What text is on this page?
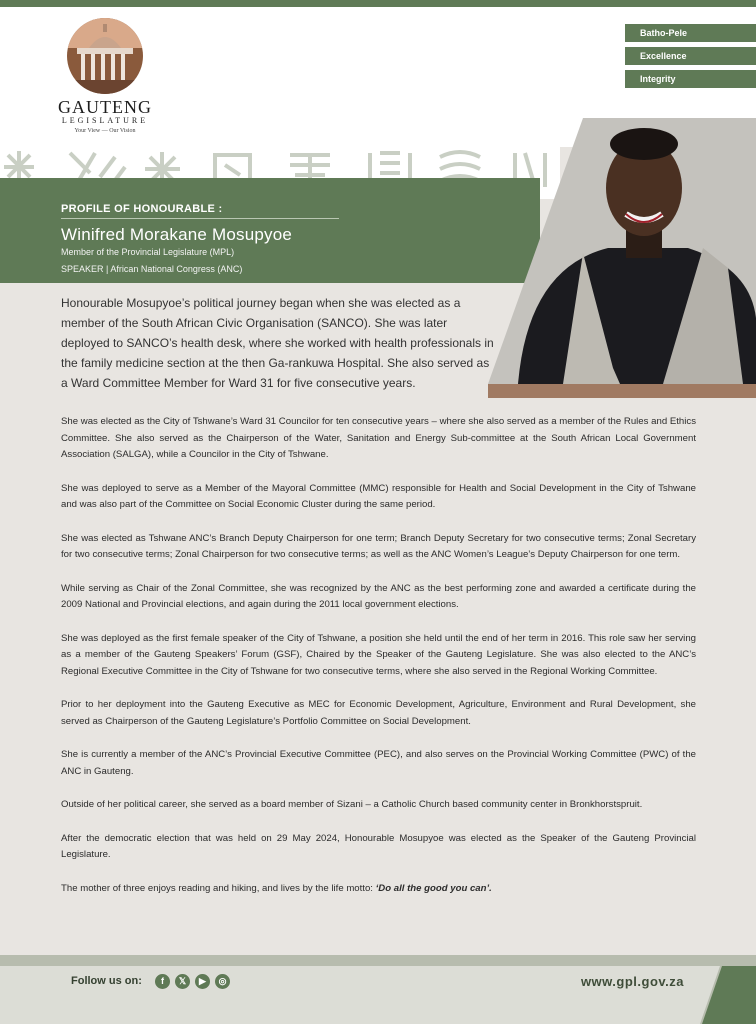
GAUTENG
LEGISLATURE
Your View — Our Vision
Batho-Pele
Excellence
Integrity
PROFILE OF HONOURABLE :
Winifred Morakane Mosupyoe
Member of the Provincial Legislature (MPL)
SPEAKER | African National Congress (ANC)
Honourable Mosupyoe’s political journey began when she was elected as a member of the South African Civic Organisation (SANCO). She was later deployed to SANCO’s health desk, where she worked with health professionals in the family medicine section at the then Ga-rankuwa Hospital. She also served as a Ward Committee Member for Ward 31 for five consecutive years.

She was elected as the City of Tshwane’s Ward 31 Councilor for ten consecutive years – where she also served as a member of the Rules and Ethics Committee. She also served as the Chairperson of the Water, Sanitation and Energy Sub-committee at the South African Local Government Association (SALGA), while a Councilor in the City of Tshwane.

She was deployed to serve as a Member of the Mayoral Committee (MMC) responsible for Health and Social Development in the City of Tshwane and was also part of the Committee on Social Economic Cluster during the same period.

She was elected as Tshwane ANC’s Branch Deputy Chairperson for one term; Branch Deputy Secretary for two consecutive terms; Zonal Secretary for two consecutive terms; Zonal Chairperson for two consecutive terms; as well as the ANC Women’s League’s Deputy Chairperson for one term.

While serving as Chair of the Zonal Committee, she was recognized by the ANC as the best performing zone and awarded a certificate during the 2009 National and Provincial elections, and again during the 2011 local government elections.

She was deployed as the first female speaker of the City of Tshwane, a position she held until the end of her term in 2016. This role saw her serving as a member of the Gauteng Speakers’ Forum (GSF), Chaired by the Speaker of the Gauteng Legislature. She was also elected to the ANC’s Regional Executive Committee in the City of Tshwane for two consecutive terms, where she also served in the Regional Working Committee.

Prior to her deployment into the Gauteng Executive as MEC for Economic Development, Agriculture, Environment and Rural Development, she served as Chairperson of the Gauteng Legislature’s Portfolio Committee on Social Development.

She is currently a member of the ANC’s Provincial Executive Committee (PEC), and also serves on the Provincial Working Committee (PWC) of the ANC in Gauteng.

Outside of her political career, she served as a board member of Sizani – a Catholic Church based community center in Bronkhorstspruit.

After the democratic election that was held on 29 May 2024, Honourable Mosupyoe was elected as the Speaker of the Gauteng Provincial Legislature.

The mother of three enjoys reading and hiking, and lives by the life motto: ‘Do all the good you can’.

Follow us on:	f	𝕏	▶	◎	www.gpl.gov.za
